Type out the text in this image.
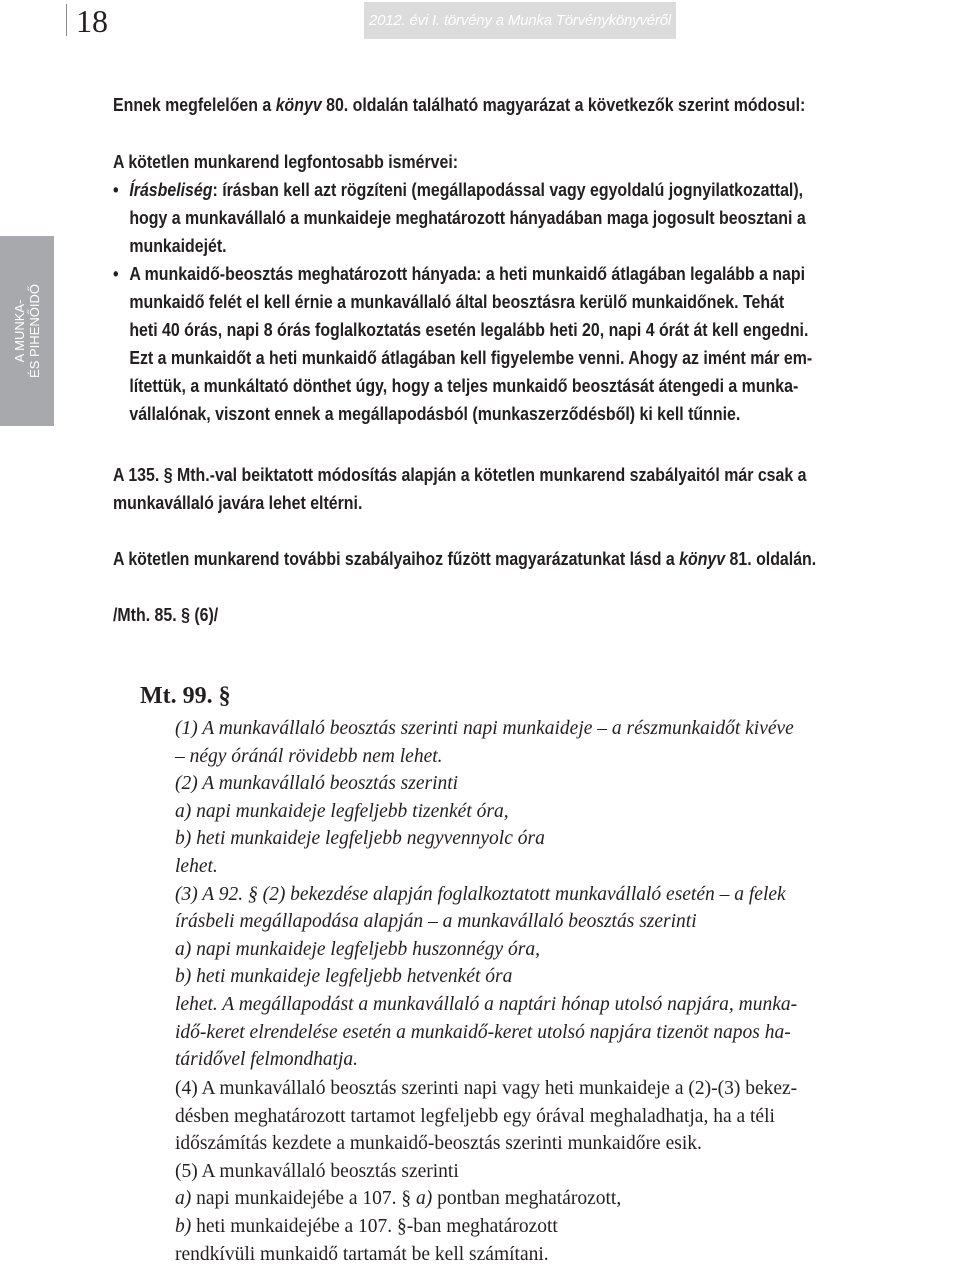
18	2012. évi I. törvény a Munka Törvénykönyvéről
A MUNKA-
ÉS PIHENŐIDŐ
Ennek megfelelően a könyv 80. oldalán található magyarázat a következők szerint módosul:
A kötetlen munkarend legfontosabb ismérvei:
• Írásbeliség: írásban kell azt rögzíteni (megállapodással vagy egyoldalú jognyilatkozattal),
hogy a munkavállaló a munkaideje meghatározott hányadában maga jogosult beosztani a
munkaidejét.
• A munkaidő-beosztás meghatározott hányada: a heti munkaidő átlagában legalább a napi
munkaidő felét el kell érnie a munkavállaló által beosztásra kerülő munkaidőnek. Tehát
heti 40 órás, napi 8 órás foglalkoztatás esetén legalább heti 20, napi 4 órát át kell engedni.
Ezt a munkaidőt a heti munkaidő átlagában kell figyelembe venni. Ahogy az imént már em-
lítettük, a munkáltató dönthet úgy, hogy a teljes munkaidő beosztását átengedi a munka-
vállalónak, viszont ennek a megállapodásból (munkaszerződésből) ki kell tűnnie.
A 135. § Mth.-val beiktatott módosítás alapján a kötetlen munkarend szabályaitól már csak a
munkavállaló javára lehet eltérni.
A kötetlen munkarend további szabályaihoz fűzött magyarázatunkat lásd a könyv 81. oldalán.
/Mth. 85. § (6)/
Mt. 99. §
(1) A munkavállaló beosztás szerinti napi munkaideje – a részmunkaidőt kivéve
– négy óránál rövidebb nem lehet.
(2) A munkavállaló beosztás szerinti
a) napi munkaideje legfeljebb tizenkét óra,
b) heti munkaideje legfeljebb negyvennyolc óra
lehet.
(3) A 92. § (2) bekezdése alapján foglalkoztatott munkavállaló esetén – a felek
írásbeli megállapodása alapján – a munkavállaló beosztás szerinti
a) napi munkaideje legfeljebb huszonnégy óra,
b) heti munkaideje legfeljebb hetvenkét óra
lehet. A megállapodást a munkavállaló a naptári hónap utolsó napjára, munka-
idő-keret elrendelése esetén a munkaidő-keret utolsó napjára tizenöt napos ha-
táridővel felmondhatja.
(4) A munkavállaló beosztás szerinti napi vagy heti munkaideje a (2)-(3) bekez-
désben meghatározott tartamot legfeljebb egy órával meghaladhatja, ha a téli
időszámítás kezdete a munkaidő-beosztás szerinti munkaidőre esik.
(5) A munkavállaló beosztás szerinti
a) napi munkaidejébe a 107. § a) pontban meghatározott,
b) heti munkaidejébe a 107. §-ban meghatározott
rendkívüli munkaidő tartamát be kell számítani.
